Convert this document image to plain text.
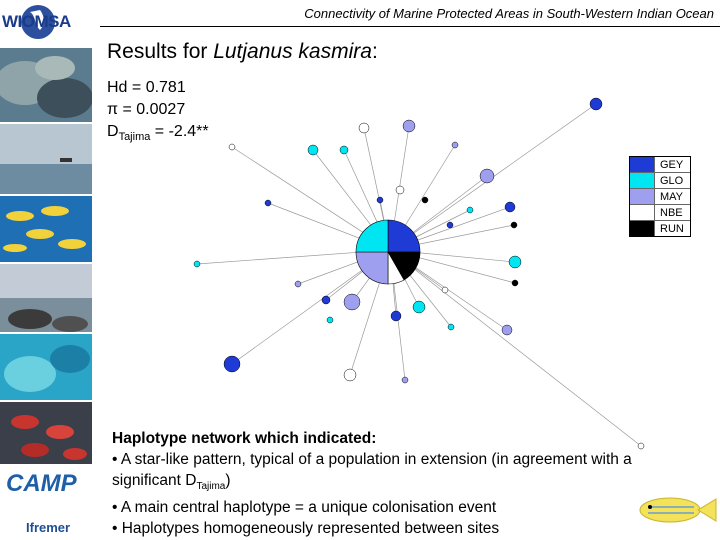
WIOMSA	Connectivity of Marine Protected Areas in South-Western Indian Ocean
CAMP
Ifremer
Results for Lutjanus kasmira:
Hd = 0.781
π = 0.0027
$D_{Tajima} = -2.4**$
GEY
GLO
MAY
NBE
RUN
Haplotype network which indicated:
• A star-like pattern, typical of a population in extension (in agreement with a significant $D_{Tajima}$)
• A main central haplotype = a unique colonisation event
• Haplotypes homogeneously represented between sites
